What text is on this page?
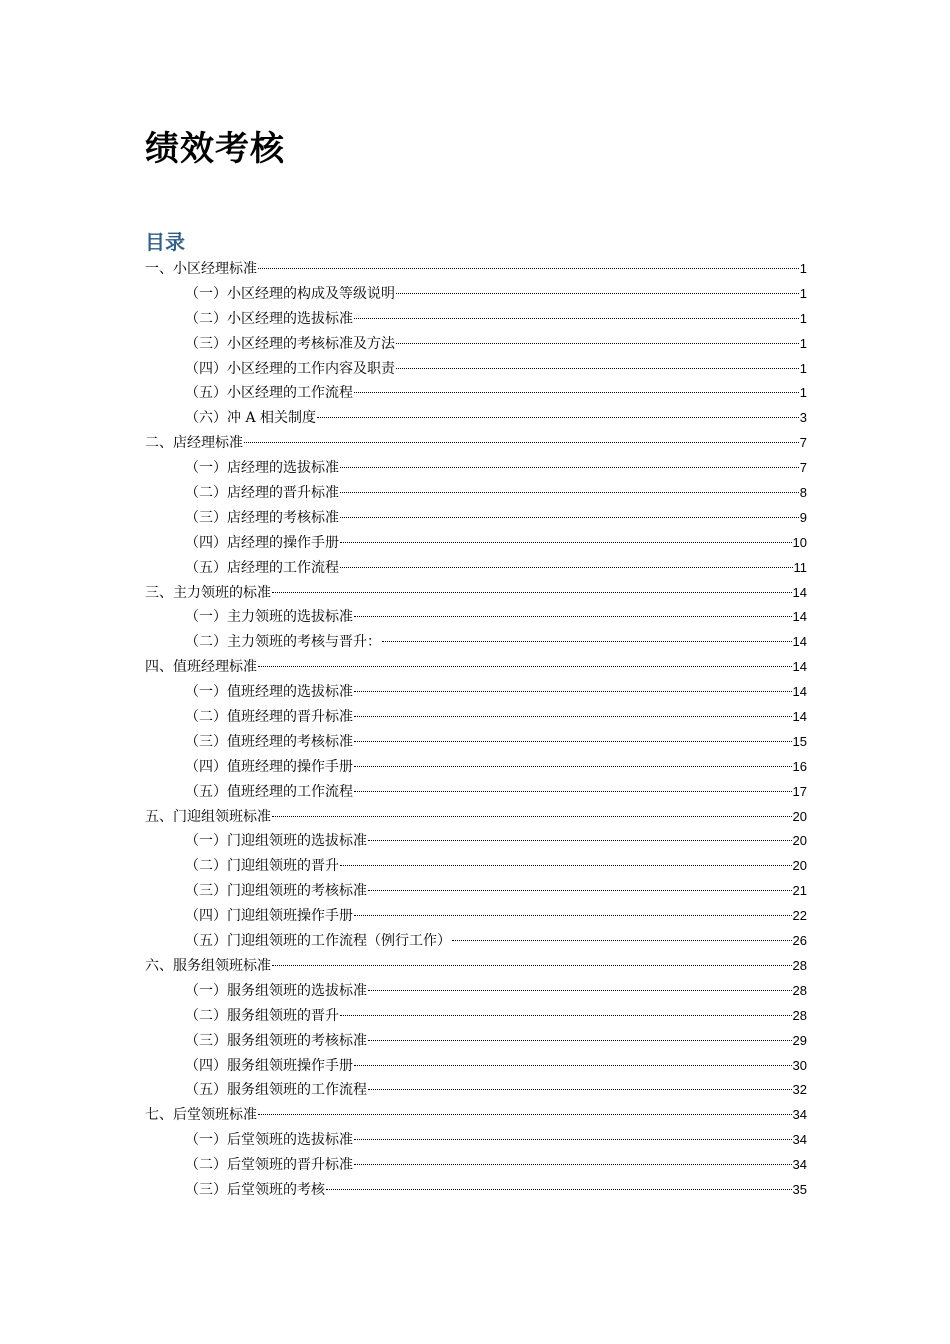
绩效考核
目录
一、小区经理标准	1
（一）小区经理的构成及等级说明	1
（二）小区经理的选拔标准	1
（三）小区经理的考核标准及方法	1
（四）小区经理的工作内容及职责	1
（五）小区经理的工作流程	1
（六）冲 A 相关制度	3
二、店经理标准	7
（一）店经理的选拔标准	7
（二）店经理的晋升标准	8
（三）店经理的考核标准	9
（四）店经理的操作手册	10
（五）店经理的工作流程	11
三、主力领班的标准	14
（一）主力领班的选拔标准	14
（二）主力领班的考核与晋升：	14
四、值班经理标准	14
（一）值班经理的选拔标准	14
（二）值班经理的晋升标准	14
（三）值班经理的考核标准	15
（四）值班经理的操作手册	16
（五）值班经理的工作流程	17
五、门迎组领班标准	20
（一）门迎组领班的选拔标准	20
（二）门迎组领班的晋升	20
（三）门迎组领班的考核标准	21
（四）门迎组领班操作手册	22
（五）门迎组领班的工作流程（例行工作）	26
六、服务组领班标准	28
（一）服务组领班的选拔标准	28
（二）服务组领班的晋升	28
（三）服务组领班的考核标准	29
（四）服务组领班操作手册	30
（五）服务组领班的工作流程	32
七、后堂领班标准	34
（一）后堂领班的选拔标准	34
（二）后堂领班的晋升标准	34
（三）后堂领班的考核	35
